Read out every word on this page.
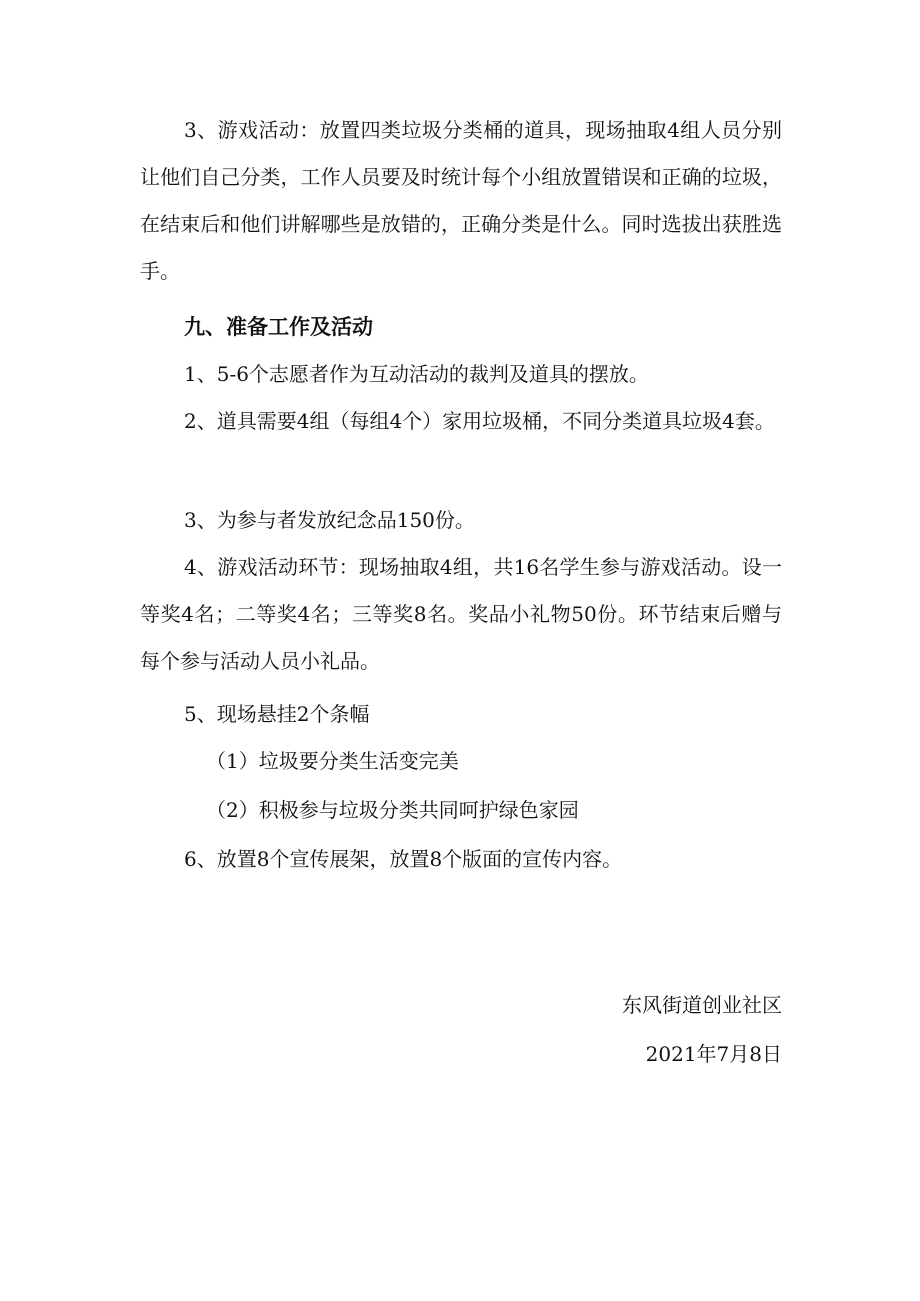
3、游戏活动：放置四类垃圾分类桶的道具，现场抽取4组人员分别让他们自己分类，工作人员要及时统计每个小组放置错误和正确的垃圾，在结束后和他们讲解哪些是放错的，正确分类是什么。同时选拔出获胜选手。

九、准备工作及活动

1、5-6个志愿者作为互动活动的裁判及道具的摆放。

2、道具需要4组（每组4个）家用垃圾桶，不同分类道具垃圾4套。

3、为参与者发放纪念品150份。

4、游戏活动环节：现场抽取4组，共16名学生参与游戏活动。设一等奖4名；二等奖4名；三等奖8名。奖品小礼物50份。环节结束后赠与每个参与活动人员小礼品。

5、现场悬挂2个条幅

（1）垃圾要分类生活变完美

（2）积极参与垃圾分类共同呵护绿色家园

6、放置8个宣传展架，放置8个版面的宣传内容。

东风街道创业社区

2021年7月8日
